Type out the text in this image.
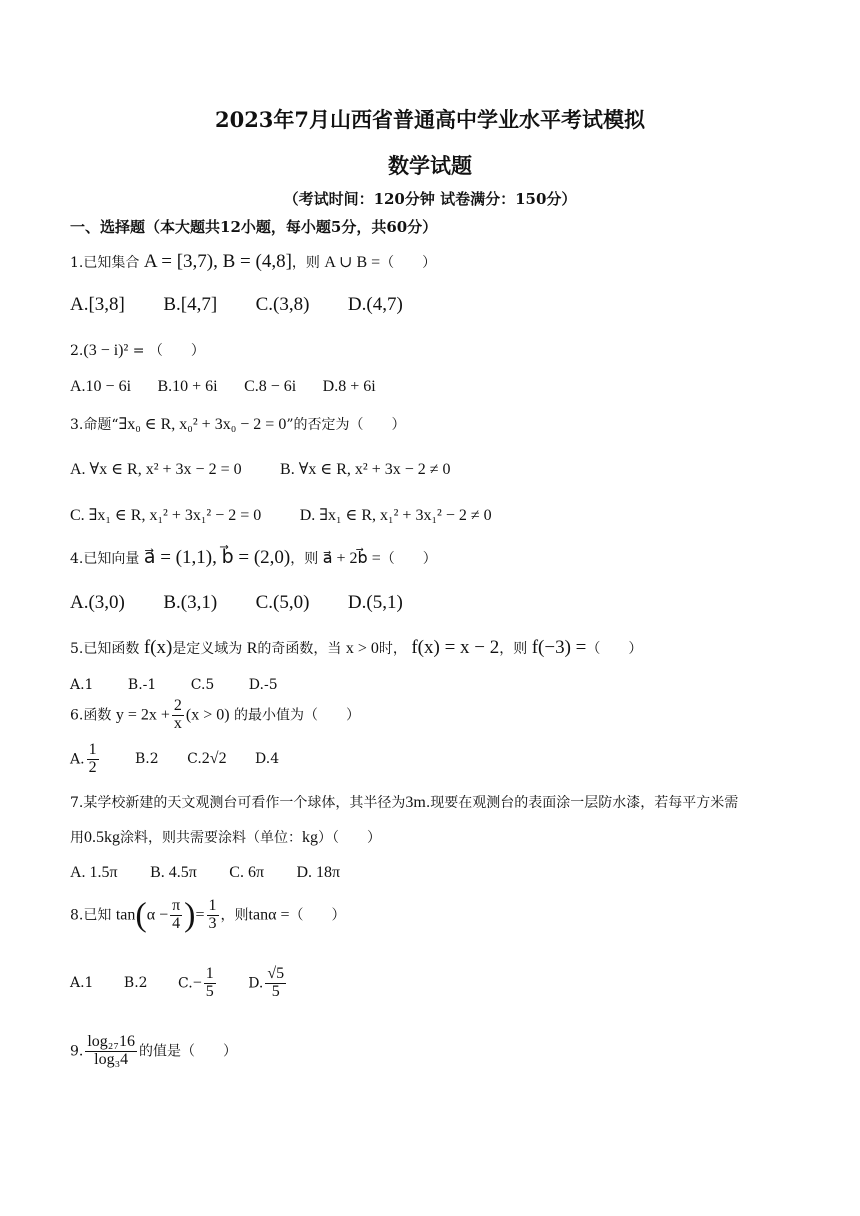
2023年7月山西省普通高中学业水平考试模拟
数学试题
（考试时间：120分钟 试卷满分：150分）
一、选择题（本大题共12小题，每小题5分，共60分）
1.已知集合 A = [3,7), B = (4,8]，则 A ∪ B =（　　）
A.[3,8] B.[4,7] C.(3,8) D.(4,7)
2.(3 − i)² = （　　）
A.10 − 6i B.10 + 6i C.8 − 6i D.8 + 6i
3.命题“∃x₀ ∈ R, x₀² + 3x₀ − 2 = 0”的否定为（　　）
A. ∀x ∈ R, x² + 3x − 2 = 0 B. ∀x ∈ R, x² + 3x − 2 ≠ 0
C. ∃x₁ ∈ R, x₁² + 3x₁² − 2 = 0 D. ∃x₁ ∈ R, x₁² + 3x₁² − 2 ≠ 0
4.已知向量 a⃗ = (1,1), b⃗ = (2,0)，则 a⃗ + 2b⃗ =（　　）
A.(3,0) B.(3,1) C.(5,0) D.(5,1)
5.已知函数 f(x)是定义域为 R的奇函数，当 x > 0时， f(x) = x − 2，则 f(−3) =（　　）
A.1 B.-1 C.5 D.-5
6.函数 $y = 2x + \frac{2}{x} (x > 0)$ 的最小值为（　　）
A. $\frac{1}{2}$	B.2 C.2√2 D.4
7.某学校新建的天文观测台可看作一个球体，其半径为3m.现要在观测台的表面涂一层防水漆，若每平方米需
用0.5kg涂料，则共需要涂料（单位：kg）（　　）
A. 1.5π B. 4.5π C. 6π D. 18π
8.已知 $\tan(\alpha - \frac{\pi}{4}$ )= $\frac{1}{3}$ ，则tanα =（　　）
A.1 B.2 $C.- \frac{1}{5} D$. $\frac{√5}{5}$
9. $\frac{\text{log₂₇16}}{\text{log₃4}}$ 的值是（　　）
